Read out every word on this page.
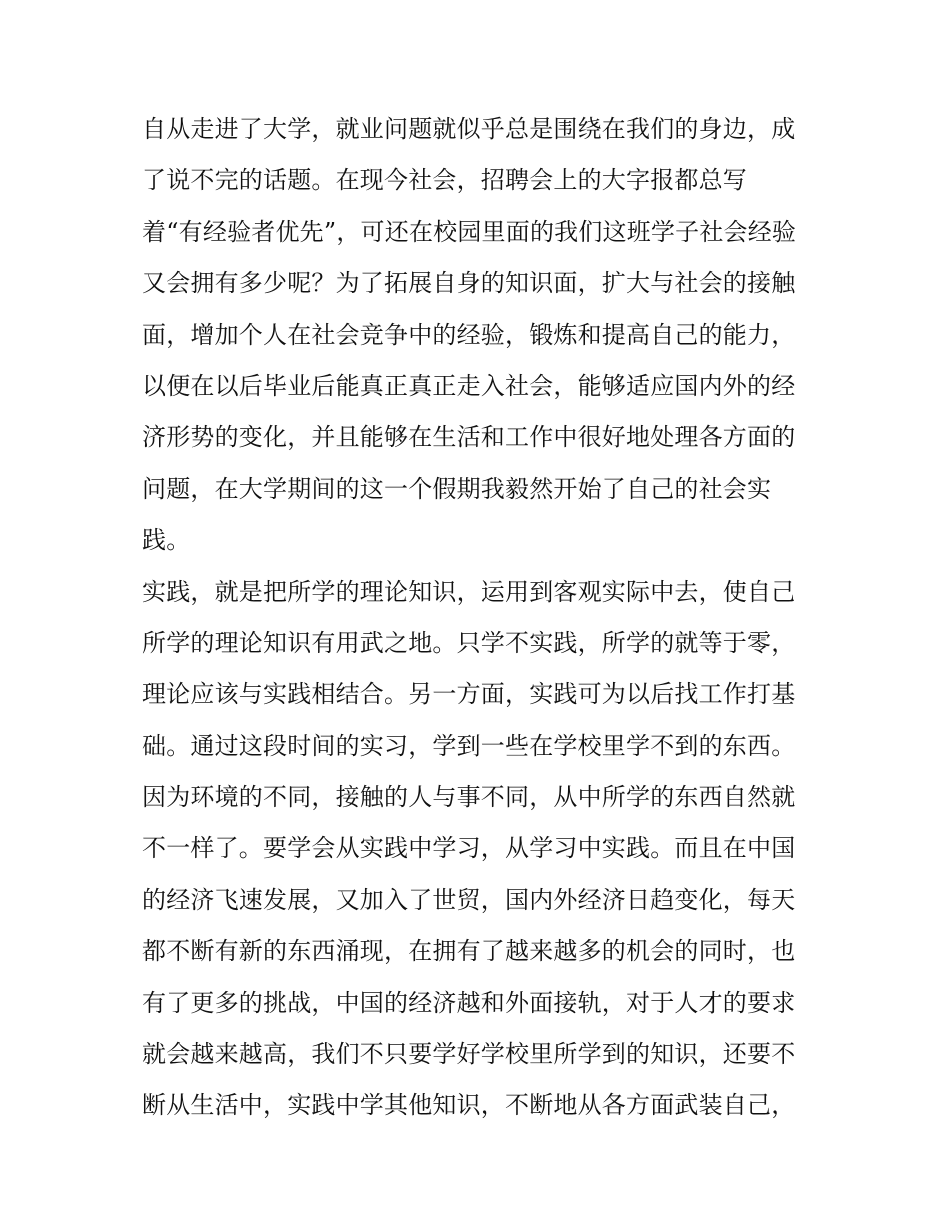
自从走进了大学，就业问题就似乎总是围绕在我们的身边，成
了说不完的话题。在现今社会，招聘会上的大字报都总写
着“有经验者优先”，可还在校园里面的我们这班学子社会经验
又会拥有多少呢？为了拓展自身的知识面，扩大与社会的接触
面，增加个人在社会竞争中的经验，锻炼和提高自己的能力，
以便在以后毕业后能真正真正走入社会，能够适应国内外的经
济形势的变化，并且能够在生活和工作中很好地处理各方面的
问题，在大学期间的这一个假期我毅然开始了自己的社会实
践。
实践，就是把所学的理论知识，运用到客观实际中去，使自己
所学的理论知识有用武之地。只学不实践，所学的就等于零，
理论应该与实践相结合。另一方面，实践可为以后找工作打基
础。通过这段时间的实习，学到一些在学校里学不到的东西。
因为环境的不同，接触的人与事不同，从中所学的东西自然就
不一样了。要学会从实践中学习，从学习中实践。而且在中国
的经济飞速发展，又加入了世贸，国内外经济日趋变化，每天
都不断有新的东西涌现，在拥有了越来越多的机会的同时，也
有了更多的挑战，中国的经济越和外面接轨，对于人才的要求
就会越来越高，我们不只要学好学校里所学到的知识，还要不
断从生活中，实践中学其他知识，不断地从各方面武装自己，
